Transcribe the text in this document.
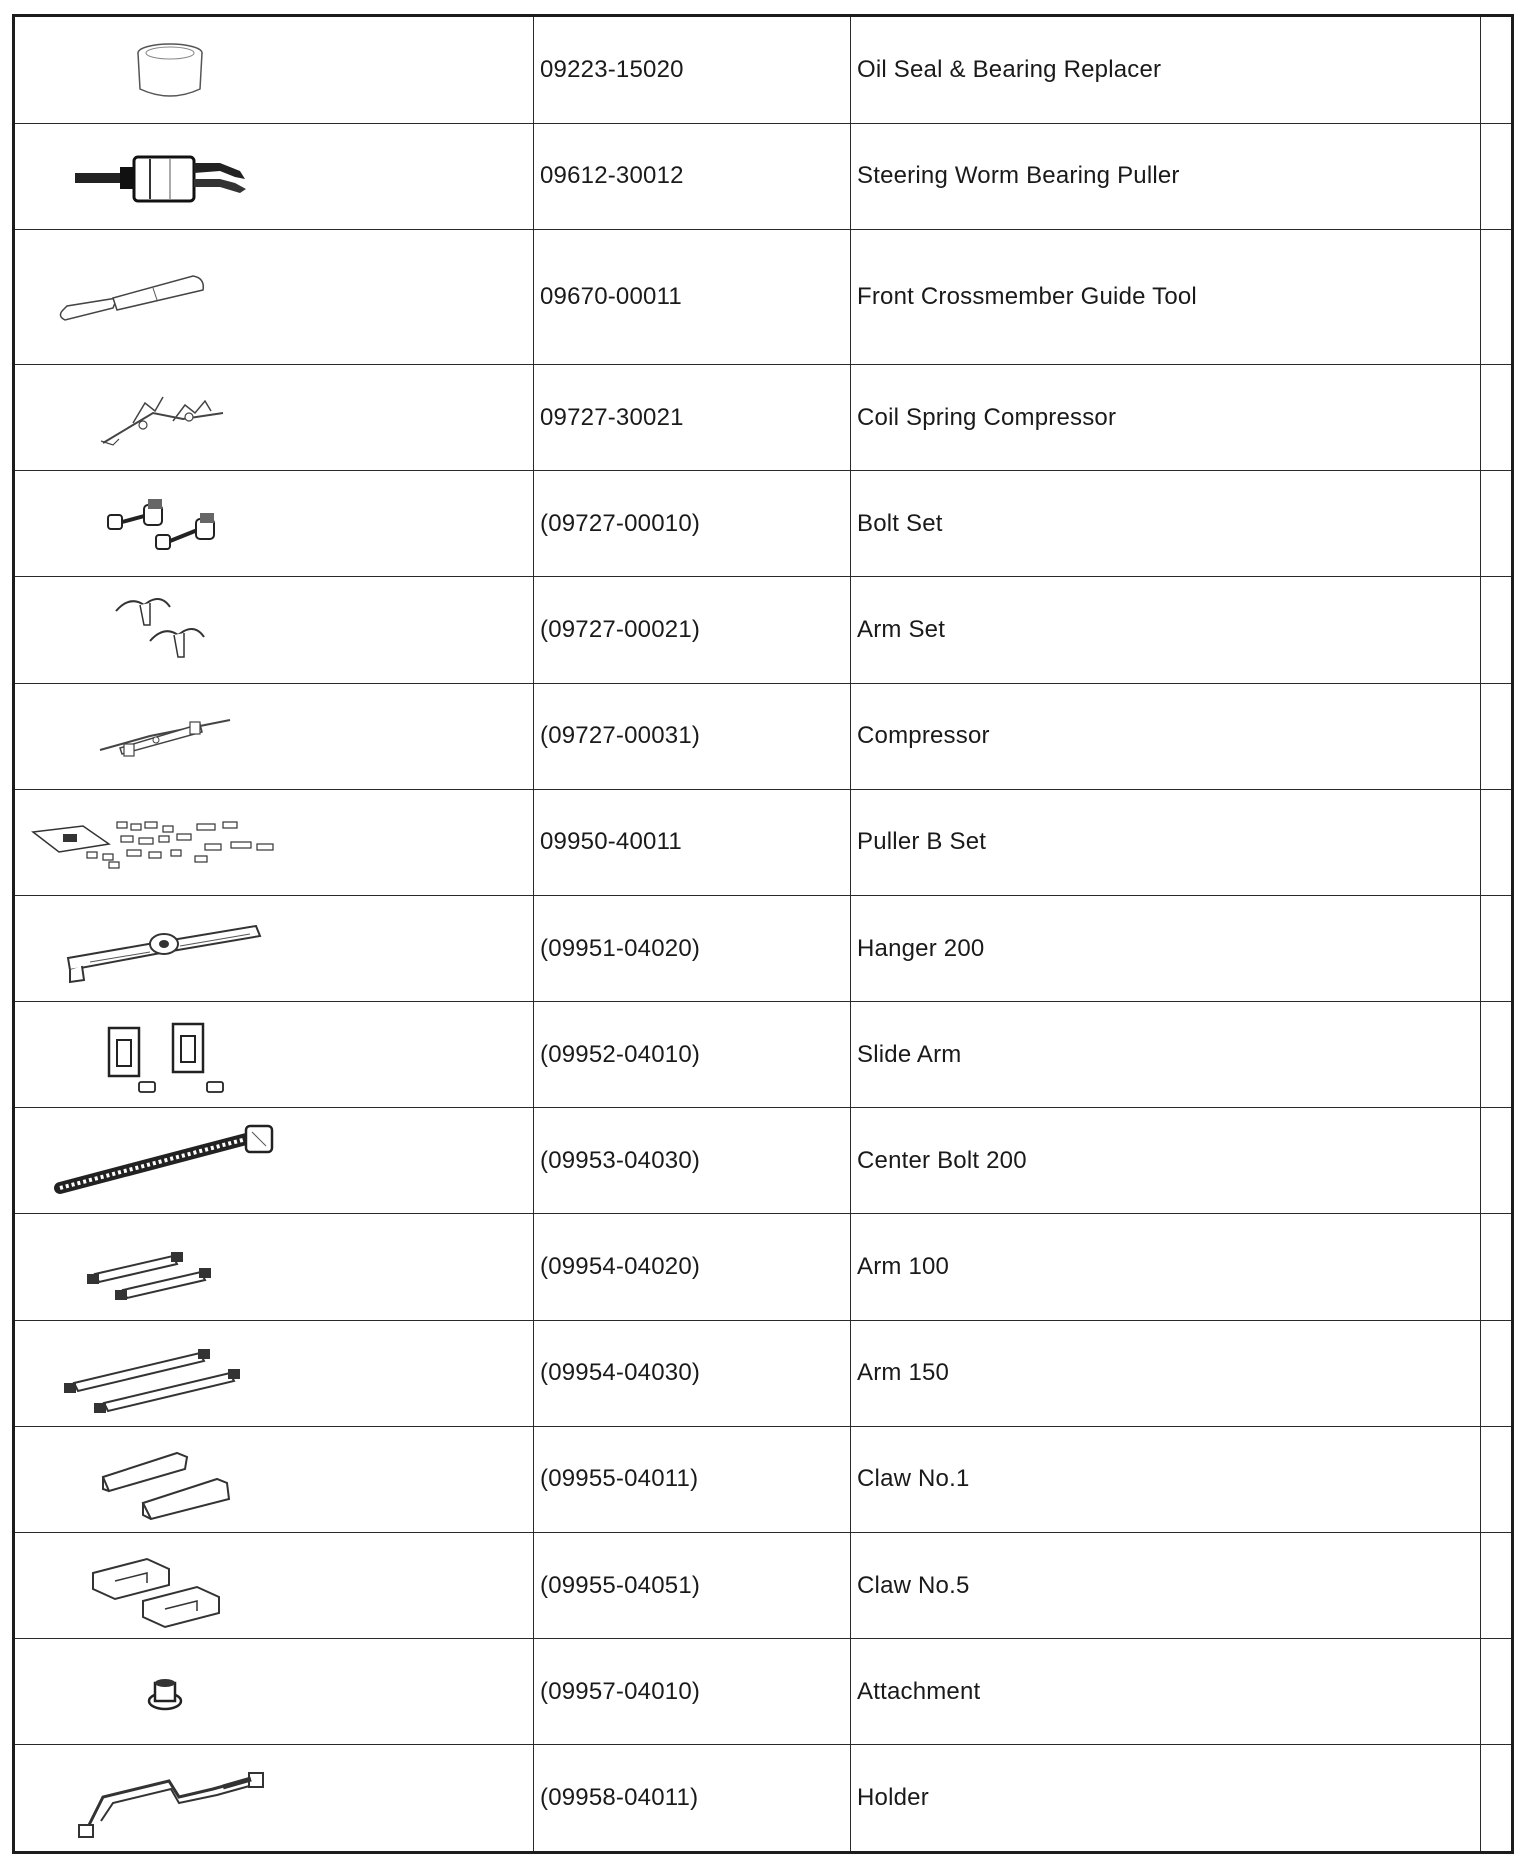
	09223-15020	Oil Seal & Bearing Replacer	

	09612-30012	Steering Worm Bearing Puller	

	09670-00011	Front Crossmember Guide Tool	

	09727-30021	Coil Spring Compressor	

	(09727-00010)	Bolt Set	

	(09727-00021)	Arm Set	

	(09727-00031)	Compressor	

	09950-40011	Puller B Set	

	(09951-04020)	Hanger 200	

	(09952-04010)	Slide Arm	

	(09953-04030)	Center Bolt 200	

	(09954-04020)	Arm 100	

	(09954-04030)	Arm 150	

	(09955-04011)	Claw No.1	

	(09955-04051)	Claw No.5	

	(09957-04010)	Attachment	

	(09958-04011)	Holder	
